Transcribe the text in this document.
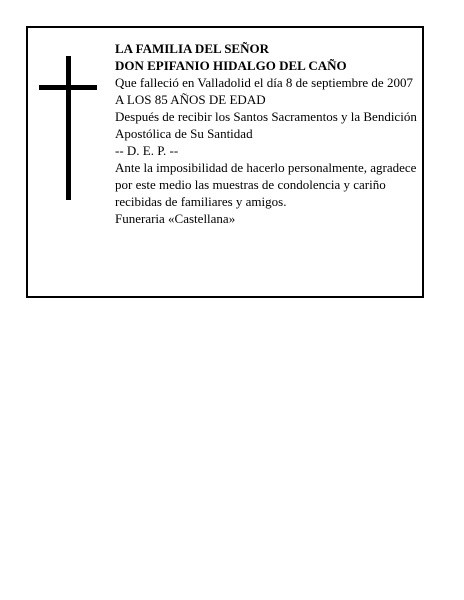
LA FAMILIA DEL SEÑOR
DON EPIFANIO HIDALGO DEL CAÑO
Que falleció en Valladolid el día 8 de septiembre de 2007
A LOS 85 AÑOS DE EDAD
Después de recibir los Santos Sacramentos y la Bendición Apostólica de Su Santidad
-- D. E. P. --
Ante la imposibilidad de hacerlo personalmente, agradece por este medio las muestras de condolencia y cariño recibidas de familiares y amigos.
Funeraria «Castellana»
